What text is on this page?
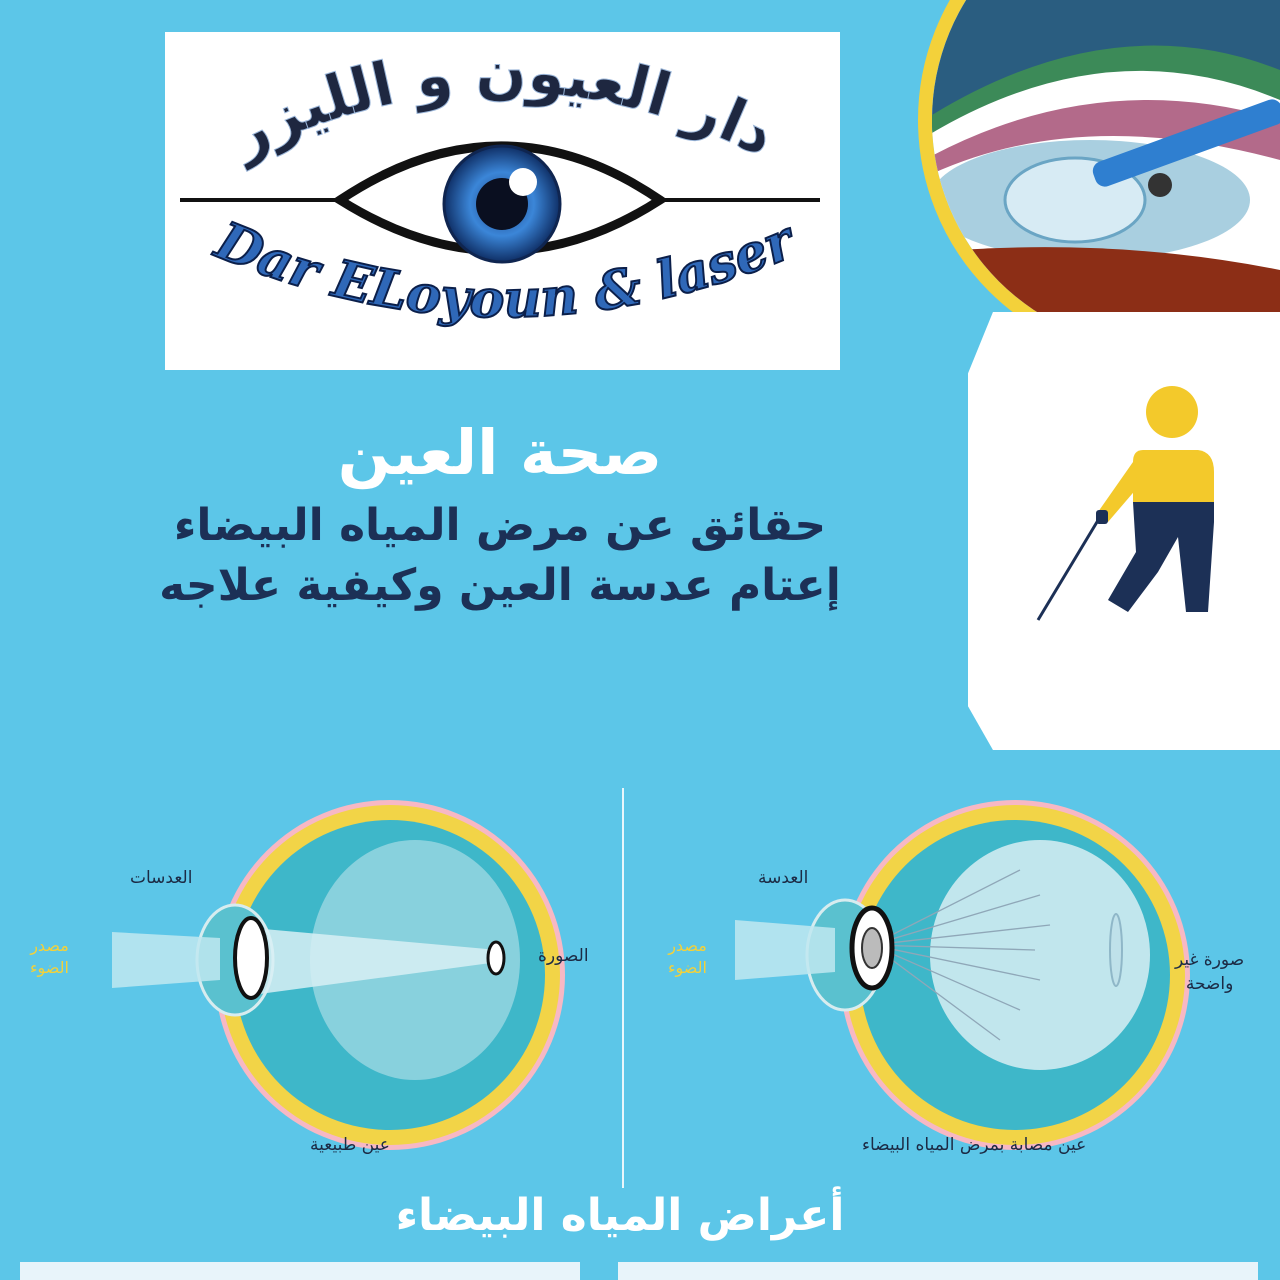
دار العيون و الليزر
Dar ELoyoun & laser
صحة العين
حقائق عن مرض المياه البيضاء
إعتام عدسة العين وكيفية علاجه
العدسات
مصدر
الضوء
الصورة
عين طبيعية
العدسة
مصدر
الضوء	صورة غير
واضحة
عين مصابة بمرض المياه البيضاء
أعراض المياه البيضاء
